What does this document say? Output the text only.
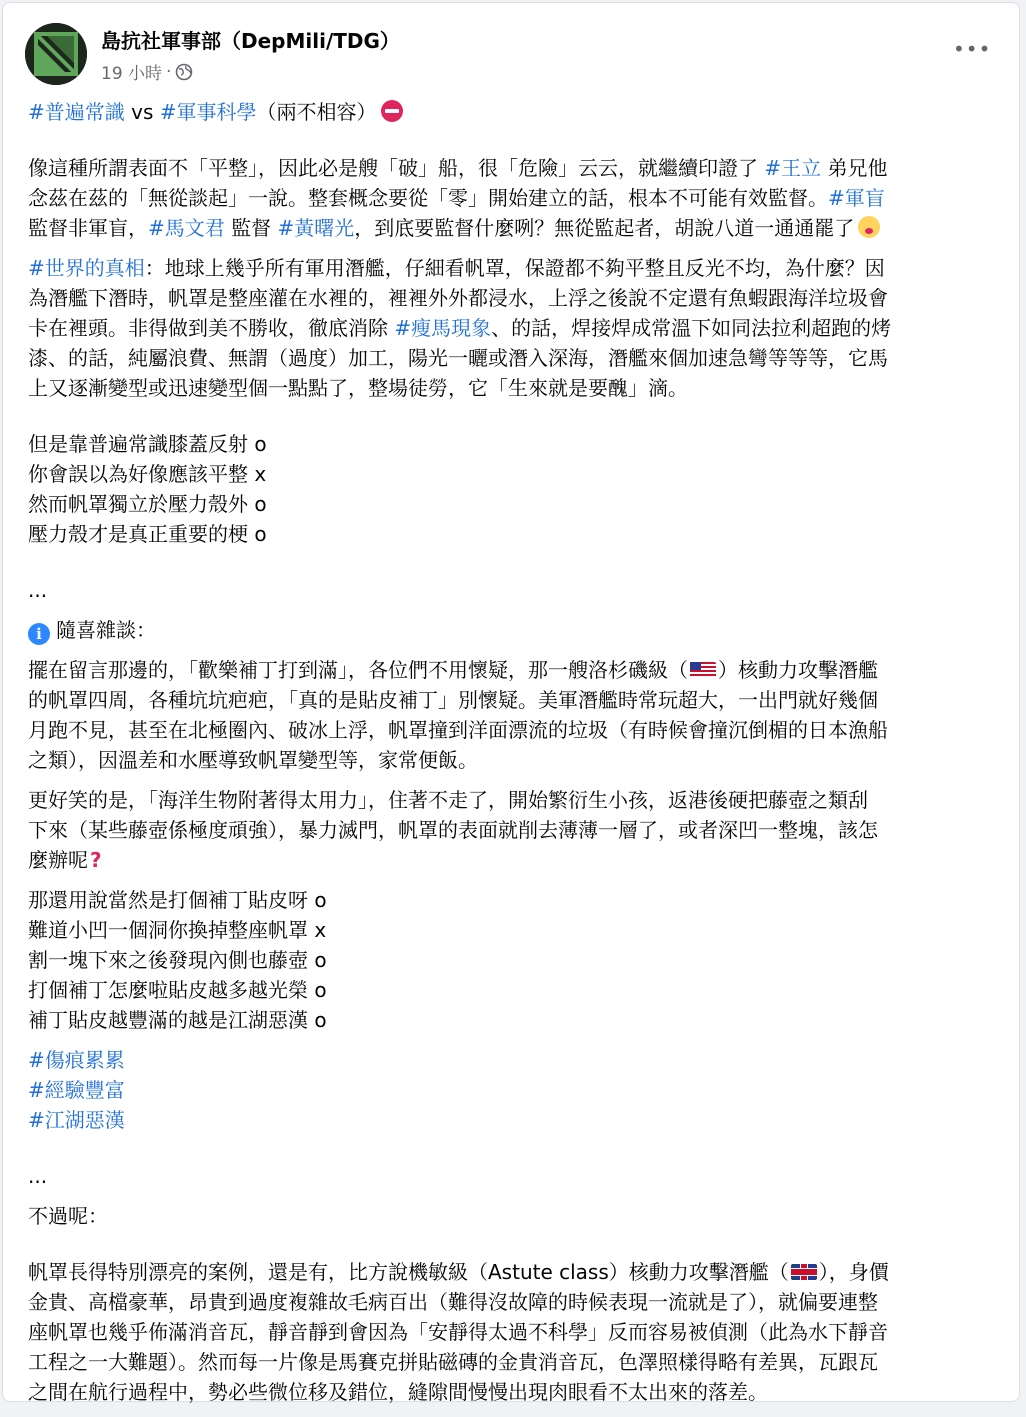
島抗社軍事部（DepMili/TDG）
19 小時 ·
•••
#普遍常識 vs #軍事科學（兩不相容）
像這種所謂表面不「平整」，因此必是艘「破」船，很「危險」云云，就繼續印證了 #王立 弟兄他
念茲在茲的「無從談起」一說。整套概念要從「零」開始建立的話，根本不可能有效監督。#軍盲
監督非軍盲，#馬文君 監督 #黃曙光，到底要監督什麼咧？無從監起者，胡說八道一通通罷了
#世界的真相：地球上幾乎所有軍用潛艦，仔細看帆罩，保證都不夠平整且反光不均，為什麼？因
為潛艦下潛時，帆罩是整座灌在水裡的，裡裡外外都浸水，上浮之後說不定還有魚蝦跟海洋垃圾會
卡在裡頭。非得做到美不勝收，徹底消除 #瘦馬現象、的話，焊接焊成常溫下如同法拉利超跑的烤
漆、的話，純屬浪費、無謂（過度）加工，陽光一曬或潛入深海，潛艦來個加速急彎等等等，它馬
上又逐漸變型或迅速變型個一點點了，整場徒勞，它「生來就是要醜」滴。
但是靠普遍常識膝蓋反射 o
你會誤以為好像應該平整 x
然而帆罩獨立於壓力殼外 o
壓力殼才是真正重要的梗 o
...
i 隨喜雜談：
擺在留言那邊的，「歡樂補丁打到滿」，各位們不用懷疑，那一艘洛杉磯級（ ）核動力攻擊潛艦
的帆罩四周，各種坑坑疤疤，「真的是貼皮補丁」別懷疑。美軍潛艦時常玩超大，一出門就好幾個
月跑不見，甚至在北極圈內、破冰上浮，帆罩撞到洋面漂流的垃圾（有時候會撞沉倒楣的日本漁船
之類），因溫差和水壓導致帆罩變型等，家常便飯。
更好笑的是，「海洋生物附著得太用力」，住著不走了，開始繁衍生小孩，返港後硬把藤壺之類刮
下來（某些藤壺係極度頑強），暴力滅門，帆罩的表面就削去薄薄一層了，或者深凹一整塊，該怎
麼辦呢 ?
那還用說當然是打個補丁貼皮呀 o
難道小凹一個洞你換掉整座帆罩 x
割一塊下來之後發現內側也藤壺 o
打個補丁怎麼啦貼皮越多越光榮 o
補丁貼皮越豐滿的越是江湖惡漢 o
#傷痕累累
#經驗豐富
#江湖惡漢
...
不過呢：
帆罩長得特別漂亮的案例，還是有，比方說機敏級（Astute class）核動力攻擊潛艦（ ），身價
金貴、高檔豪華，昂貴到過度複雜故毛病百出（難得沒故障的時候表現一流就是了），就偏要連整
座帆罩也幾乎佈滿消音瓦，靜音靜到會因為「安靜得太過不科學」反而容易被偵測（此為水下靜音
工程之一大難題）。然而每一片像是馬賽克拼貼磁磚的金貴消音瓦，色澤照樣得略有差異，瓦跟瓦
之間在航行過程中，勢必些微位移及錯位，縫隙間慢慢出現肉眼看不太出來的落差。
